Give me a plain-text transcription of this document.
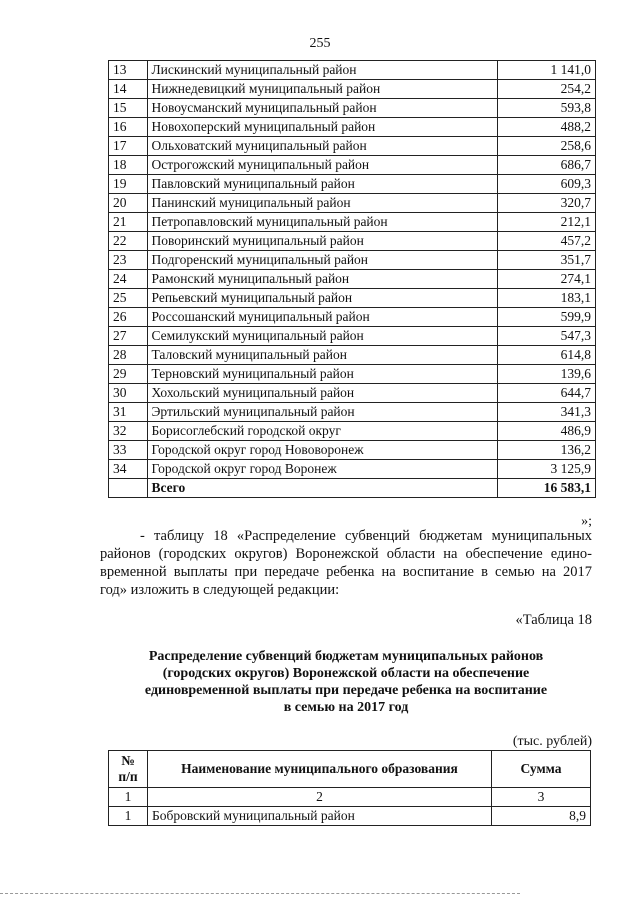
255
13	Лискинский муниципальный район	1 141,0
14	Нижнедевицкий муниципальный район	254,2
15	Новоусманский муниципальный район	593,8
16	Новохоперский муниципальный район	488,2
17	Ольховатский муниципальный район	258,6
18	Острогожский муниципальный район	686,7
19	Павловский муниципальный район	609,3
20	Панинский муниципальный район	320,7
21	Петропавловский муниципальный район	212,1
22	Поворинский муниципальный район	457,2
23	Подгоренский муниципальный район	351,7
24	Рамонский муниципальный район	274,1
25	Репьевский муниципальный район	183,1
26	Россошанский муниципальный район	599,9
27	Семилукский муниципальный район	547,3
28	Таловский муниципальный район	614,8
29	Терновский муниципальный район	139,6
30	Хохольский муниципальный район	644,7
31	Эртильский муниципальный район	341,3
32	Борисоглебский городской округ	486,9
33	Городской округ город Нововоронеж	136,2
34	Городской округ город Воронеж	3 125,9
	Всего	16 583,1
»;
- таблицу 18 «Распределение субвенций бюджетам муниципальных
районов (городских округов) Воронежской области на обеспечение едино-
временной выплаты при передаче ребенка на воспитание в семью на 2017
год» изложить в следующей редакции:
«Таблица 18
Распределение субвенций бюджетам муниципальных районов
(городских округов) Воронежской области на обеспечение
единовременной выплаты при передаче ребенка на воспитание
в семью на 2017 год
(тыс. рублей)
№
п/п	Наименование муниципального образования	Сумма
1	2	3
1	Бобровский муниципальный район	8,9
